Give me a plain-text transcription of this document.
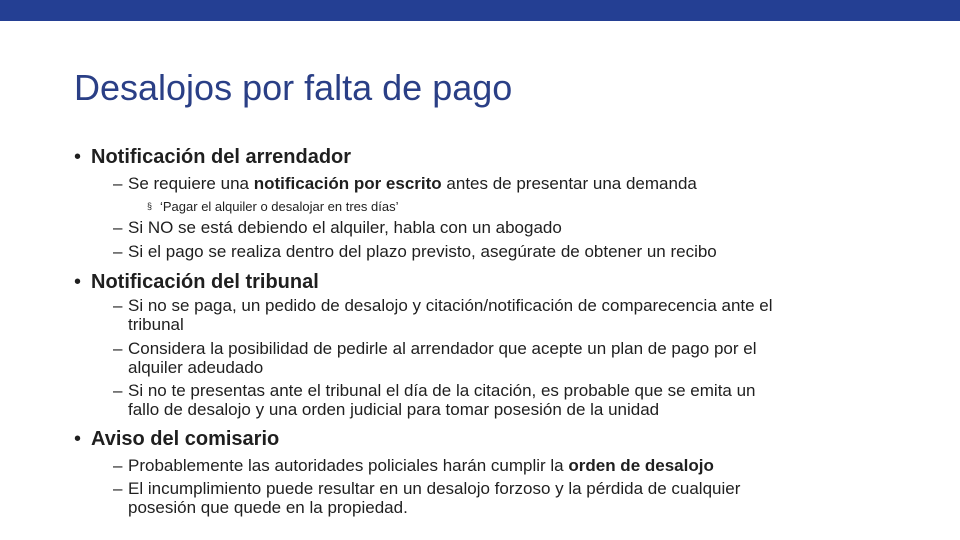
Desalojos por falta de pago
• Notificación del arrendador
– Se requiere una notificación por escrito antes de presentar una demanda
§ ‘Pagar el alquiler o desalojar en tres días’
– Si NO se está debiendo el alquiler, habla con un abogado
– Si el pago se realiza dentro del plazo previsto, asegúrate de obtener un recibo
• Notificación del tribunal
– Si no se paga, un pedido de desalojo y citación/notificación de comparecencia ante el
tribunal
– Considera la posibilidad de pedirle al arrendador que acepte un plan de pago por el
alquiler adeudado
– Si no te presentas ante el tribunal el día de la citación, es probable que se emita un
fallo de desalojo y una orden judicial para tomar posesión de la unidad
• Aviso del comisario
– Probablemente las autoridades policiales harán cumplir la orden de desalojo
– El incumplimiento puede resultar en un desalojo forzoso y la pérdida de cualquier
posesión que quede en la propiedad.
